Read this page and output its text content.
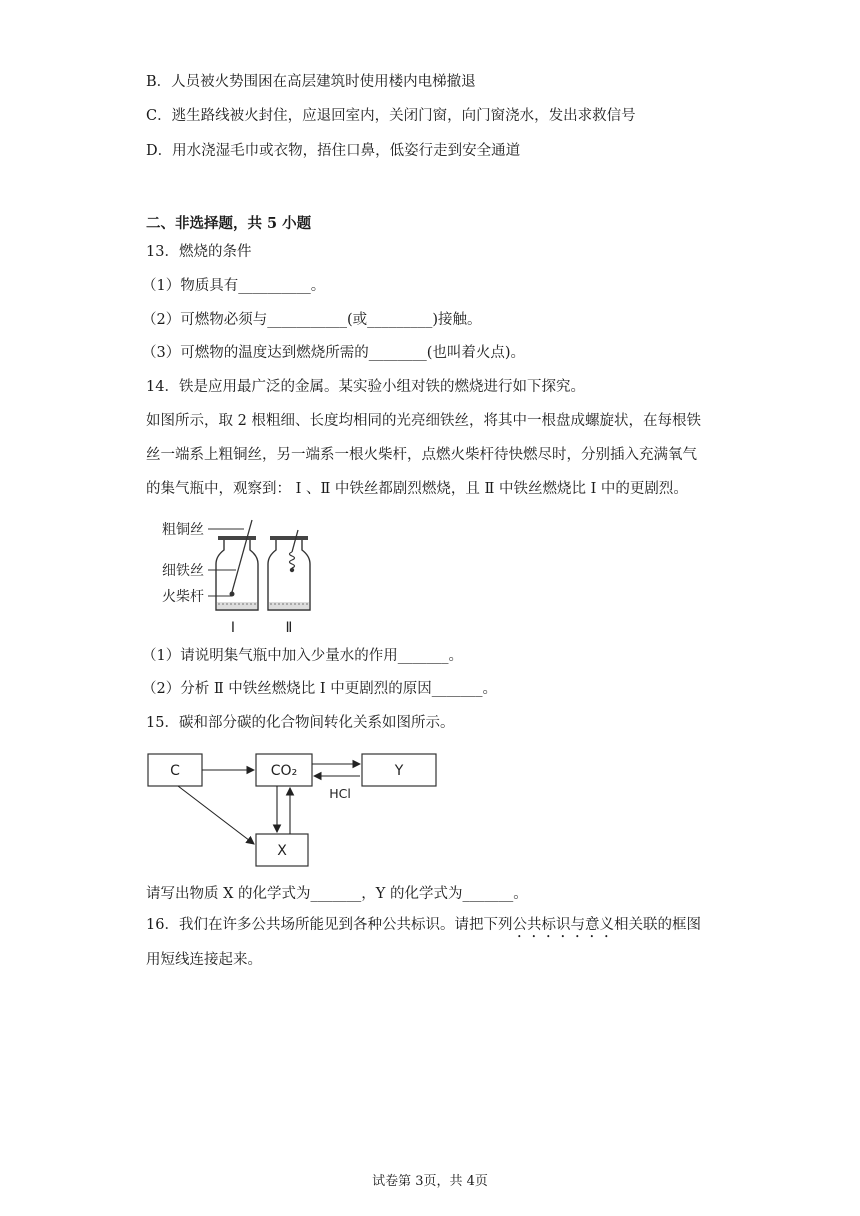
B．人员被火势围困在高层建筑时使用楼内电梯撤退
C．逃生路线被火封住，应退回室内，关闭门窗，向门窗浇水，发出求救信号
D．用水浇湿毛巾或衣物，捂住口鼻，低姿行走到安全通道
二、非选择题，共 5 小题
13．燃烧的条件
（1）物质具有__________。
（2）可燃物必须与___________(或_________)接触。
（3）可燃物的温度达到燃烧所需的________(也叫着火点)。
14．铁是应用最广泛的金属。某实验小组对铁的燃烧进行如下探究。
如图所示，取 2 根粗细、长度均相同的光亮细铁丝，将其中一根盘成螺旋状，在每根铁
丝一端系上粗铜丝，另一端系一根火柴杆，点燃火柴杆待快燃尽时，分别插入充满氧气
的集气瓶中，观察到： Ⅰ 、Ⅱ 中铁丝都剧烈燃烧，且 Ⅱ 中铁丝燃烧比 Ⅰ 中的更剧烈。
粗铜丝
细铁丝
火柴杆
Ⅰ	Ⅱ
（1）请说明集气瓶中加入少量水的作用_______。
（2）分析 Ⅱ 中铁丝燃烧比 Ⅰ 中更剧烈的原因_______。
15．碳和部分碳的化合物间转化关系如图所示。
C	CO₂	Y
X
HCl
请写出物质 X 的化学式为_______，Y 的化学式为_______。
16．我们在许多公共场所能见到各种公共标识。请把下列公共标识与意义相关联的框图
用短线连接起来。
试卷第 3页，共 4页
